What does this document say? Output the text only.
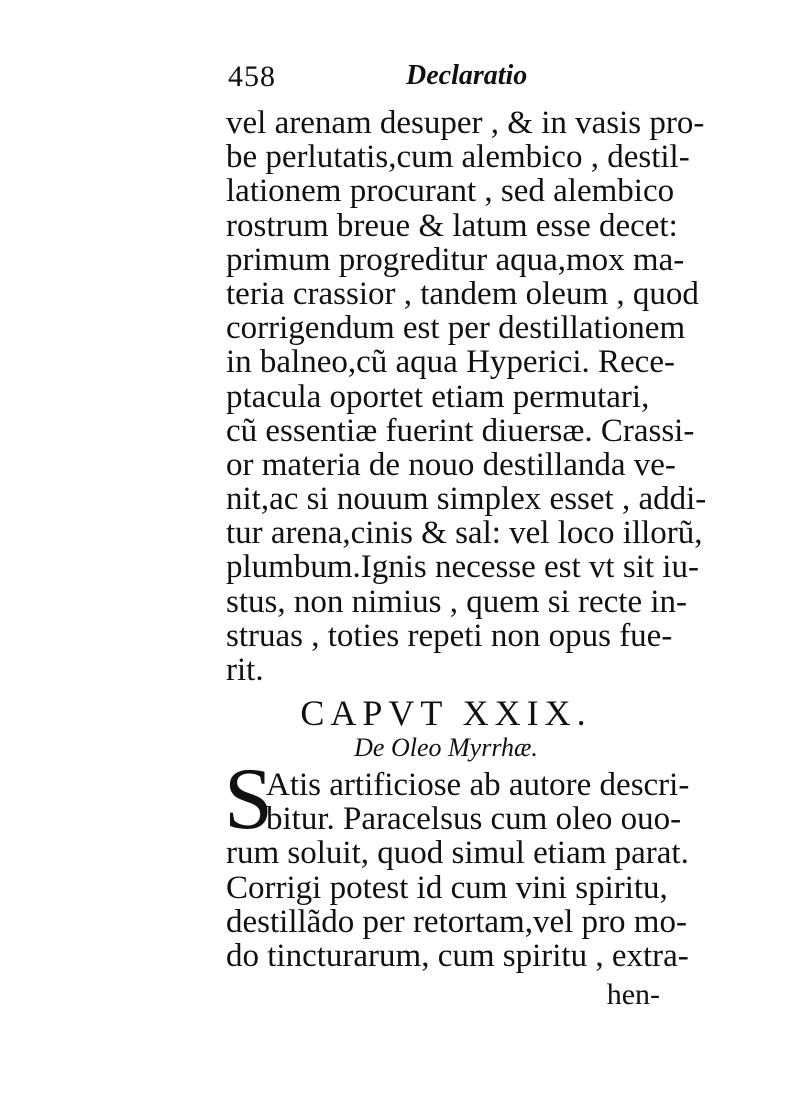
458	Declaratio
vel arenam desuper , & in vasis pro-
be perlutatis,cum alembico , destil-
lationem procurant , sed alembico
rostrum breue & latum esse decet:
primum progreditur aqua,mox ma-
teria crassior , tandem oleum , quod
corrigendum est per destillationem
in balneo,cũ aqua Hyperici. Rece-
ptacula oportet etiam permutari,
cũ essentiæ fuerint diuersæ. Crassi-
or materia de nouo destillanda ve-
nit,ac si nouum simplex esset , addi-
tur arena,cinis & sal: vel loco illorũ,
plumbum.Ignis necesse est vt sit iu-
stus, non nimius , quem si recte in-
struas , toties repeti non opus fue-
rit.
CAPVT XXIX.
De Oleo Myrrhæ.
S
Atis artificiose ab autore descri-
bitur. Paracelsus cum oleo ouo-
rum soluit, quod simul etiam parat.
Corrigi potest id cum vini spiritu,
destillãdo per retortam,vel pro mo-
do tincturarum, cum spiritu , extra-
hen-
